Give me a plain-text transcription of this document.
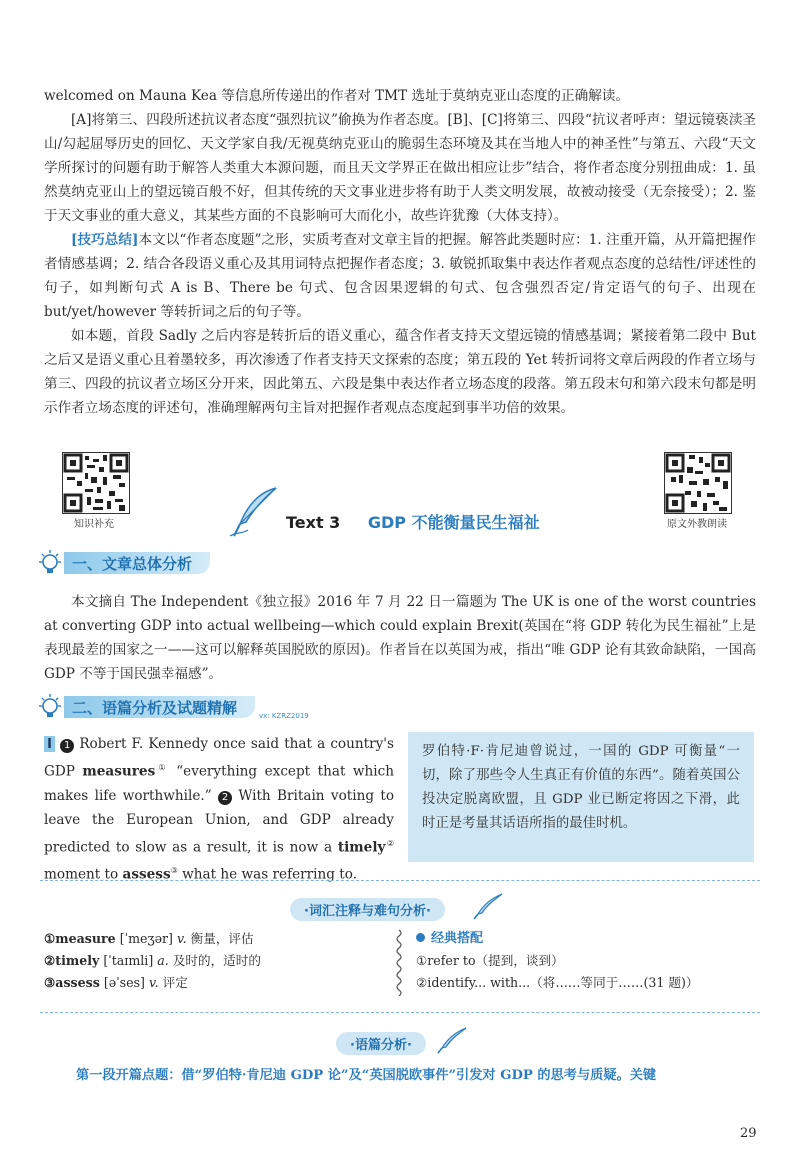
welcomed on Mauna Kea 等信息所传递出的作者对 TMT 选址于莫纳克亚山态度的正确解读。

[A]将第三、四段所述抗议者态度“强烈抗议”偷换为作者态度。[B]、[C]将第三、四段“抗议者呼声：望远镜亵渎圣山/勾起屈辱历史的回忆、天文学家自我/无视莫纳克亚山的脆弱生态环境及其在当地人中的神圣性”与第五、六段“天文学所探讨的问题有助于解答人类重大本源问题，而且天文学界正在做出相应让步”结合，将作者态度分别扭曲成：1. 虽然莫纳克亚山上的望远镜百般不好，但其传统的天文事业进步将有助于人类文明发展，故被动接受（无奈接受）；2. 鉴于天文事业的重大意义，其某些方面的不良影响可大而化小，故些许犹豫（大体支持）。

[技巧总结]本文以“作者态度题”之形，实质考查对文章主旨的把握。解答此类题时应：1. 注重开篇，从开篇把握作者情感基调；2. 结合各段语义重心及其用词特点把握作者态度；3. 敏锐抓取集中表达作者观点态度的总结性/评述性的句子，如判断句式 A is B、There be 句式、包含因果逻辑的句式、包含强烈否定/肯定语气的句子、出现在 but/yet/however 等转折词之后的句子等。

如本题，首段 Sadly 之后内容是转折后的语义重心，蕴含作者支持天文望远镜的情感基调；紧接着第二段中 But 之后又是语义重心且着墨较多，再次渗透了作者支持天文探索的态度；第五段的 Yet 转折词将文章后两段的作者立场与第三、四段的抗议者立场区分开来，因此第五、六段是集中表达作者立场态度的段落。第五段末句和第六段末句都是明示作者立场态度的评述句，准确理解两句主旨对把握作者观点态度起到事半功倍的效果。

知识补充	原文外教朗读
Text 3 GDP 不能衡量民生福祉
一、文章总体分析

本文摘自 The Independent《独立报》2016 年 7 月 22 日一篇题为 The UK is one of the worst countries at converting GDP into actual wellbeing—which could explain Brexit(英国在“将 GDP 转化为民生福祉”上是表现最差的国家之一——这可以解释英国脱欧的原因)。作者旨在以英国为戒，指出“唯 GDP 论有其致命缺陷，一国高 GDP 不等于国民强幸福感”。

二、语篇分析及试题精解	vx: KZRZ2019
I 1 Robert F. Kennedy once said that a country's GDP measures① “everything except that which makes life worthwhile.” 2 With Britain voting to leave the European Union, and GDP already predicted to slow as a result, it is now a timely② moment to assess③ what he was referring to.
罗伯特·F·肯尼迪曾说过，一国的 GDP 可衡量“一切，除了那些令人生真正有价值的东西”。随着英国公投决定脱离欧盟，且 GDP 业已断定将因之下滑，此时正是考量其话语所指的最佳时机。
·词汇注释与难句分析·
①measure [ˈmeʒər] v. 衡量，评估
②timely [ˈtaɪmli] a. 及时的，适时的
③assess [əˈses] v. 评定
经典搭配
①refer to（提到，谈到）
②identify... with...（将……等同于……(31 题)）
·语篇分析·

第一段开篇点题：借“罗伯特·肯尼迪 GDP 论”及“英国脱欧事件”引发对 GDP 的思考与质疑。关键

29
